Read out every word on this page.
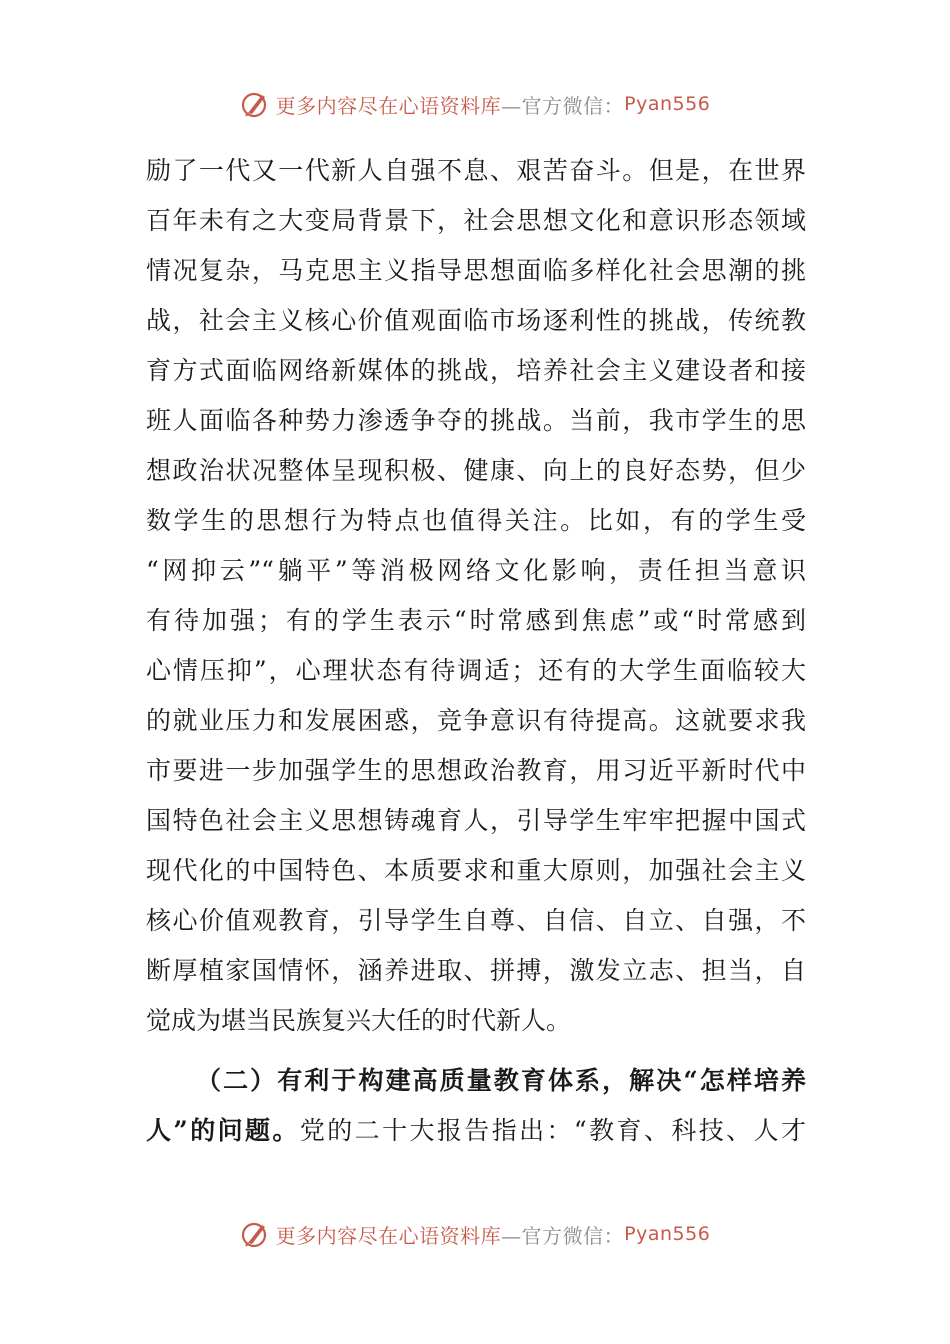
更多内容尽在心语资料库 —官方微信： Pyan556
励了一代又一代新人自强不息、艰苦奋斗。但是，在世界
百年未有之大变局背景下，社会思想文化和意识形态领域
情况复杂，马克思主义指导思想面临多样化社会思潮的挑
战，社会主义核心价值观面临市场逐利性的挑战，传统教
育方式面临网络新媒体的挑战，培养社会主义建设者和接
班人面临各种势力渗透争夺的挑战。当前，我市学生的思
想政治状况整体呈现积极、健康、向上的良好态势，但少
数学生的思想行为特点也值得关注。比如，有的学生受
“网抑云”“躺平”等消极网络文化影响，责任担当意识
有待加强；有的学生表示“时常感到焦虑”或“时常感到
心情压抑”，心理状态有待调适；还有的大学生面临较大
的就业压力和发展困惑，竞争意识有待提高。这就要求我
市要进一步加强学生的思想政治教育，用习近平新时代中
国特色社会主义思想铸魂育人，引导学生牢牢把握中国式
现代化的中国特色、本质要求和重大原则，加强社会主义
核心价值观教育，引导学生自尊、自信、自立、自强，不
断厚植家国情怀，涵养进取、拼搏，激发立志、担当，自
觉成为堪当民族复兴大任的时代新人。
（二）有利于构建高质量教育体系，解决“怎样培养
人”的问题。党的二十大报告指出：“教育、科技、人才
更多内容尽在心语资料库 —官方微信： Pyan556
